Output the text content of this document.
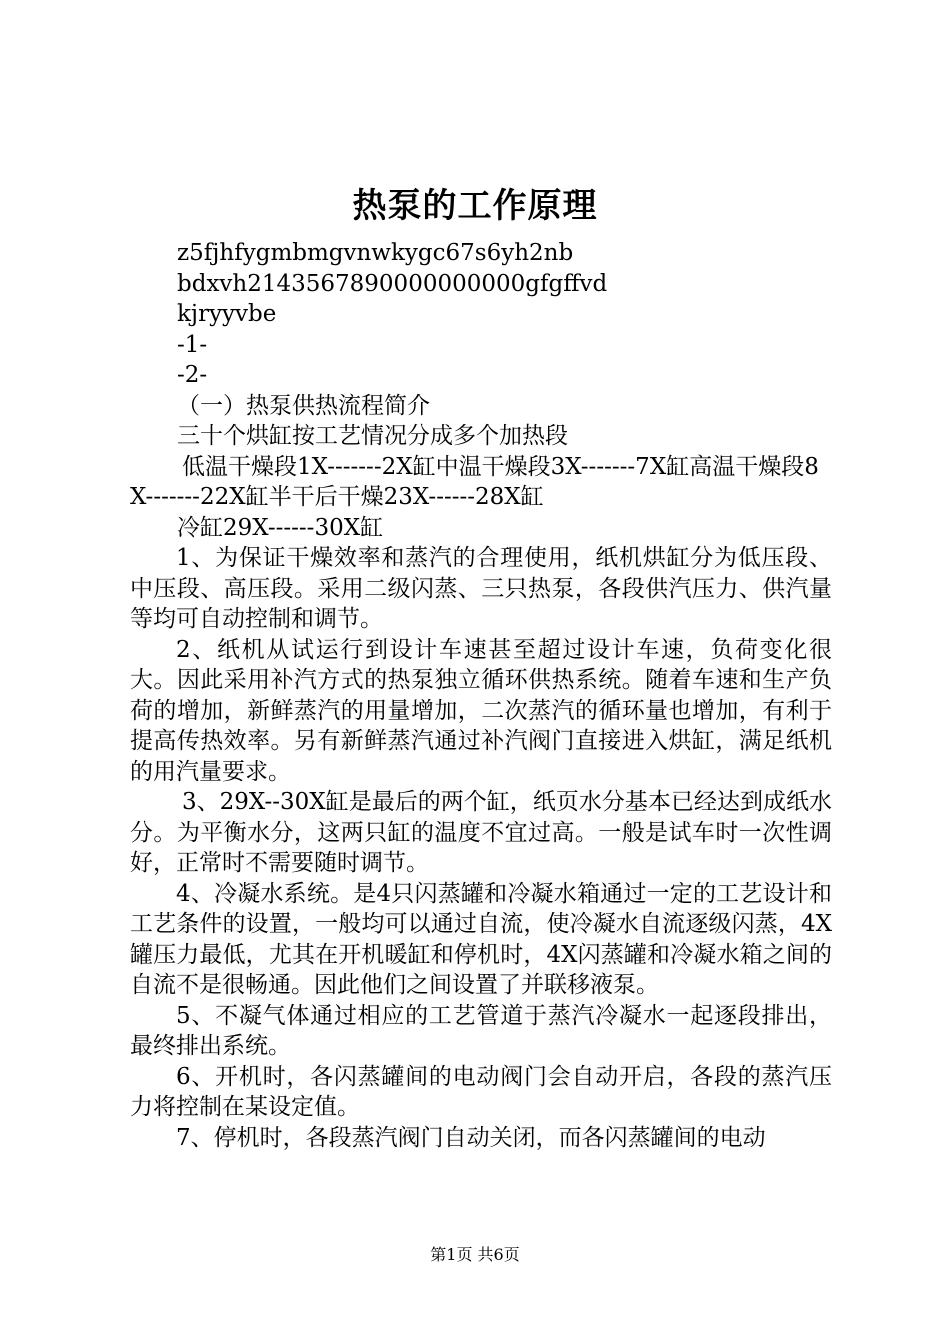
热泵的工作原理

z5fjhfygmbmgvnwkygc67s6yh2nb

bdxvh2143567890000000000gfgffvd

kjryyvbe

-1-

-2-

（一）热泵供热流程简介

三十个烘缸按工艺情况分成多个加热段

低温干燥段1X-------2X缸中温干燥段3X-------7X缸高温干燥段8X-------22X缸半干后干燥23X------28X缸

冷缸29X------30X缸

1、为保证干燥效率和蒸汽的合理使用，纸机烘缸分为低压段、中压段、高压段。采用二级闪蒸、三只热泵，各段供汽压力、供汽量等均可自动控制和调节。

2、纸机从试运行到设计车速甚至超过设计车速，负荷变化很大。因此采用补汽方式的热泵独立循环供热系统。随着车速和生产负荷的增加，新鲜蒸汽的用量增加，二次蒸汽的循环量也增加，有利于提高传热效率。另有新鲜蒸汽通过补汽阀门直接进入烘缸，满足纸机的用汽量要求。

3、29X--30X缸是最后的两个缸，纸页水分基本已经达到成纸水分。为平衡水分，这两只缸的温度不宜过高。一般是试车时一次性调好，正常时不需要随时调节。

4、冷凝水系统。是4只闪蒸罐和冷凝水箱通过一定的工艺设计和工艺条件的设置，一般均可以通过自流，使冷凝水自流逐级闪蒸，4X罐压力最低，尤其在开机暖缸和停机时，4X闪蒸罐和冷凝水箱之间的自流不是很畅通。因此他们之间设置了并联移液泵。

5、不凝气体通过相应的工艺管道于蒸汽冷凝水一起逐段排出，最终排出系统。

6、开机时，各闪蒸罐间的电动阀门会自动开启，各段的蒸汽压力将控制在某设定值。

7、停机时，各段蒸汽阀门自动关闭，而各闪蒸罐间的电动

第1页 共6页
